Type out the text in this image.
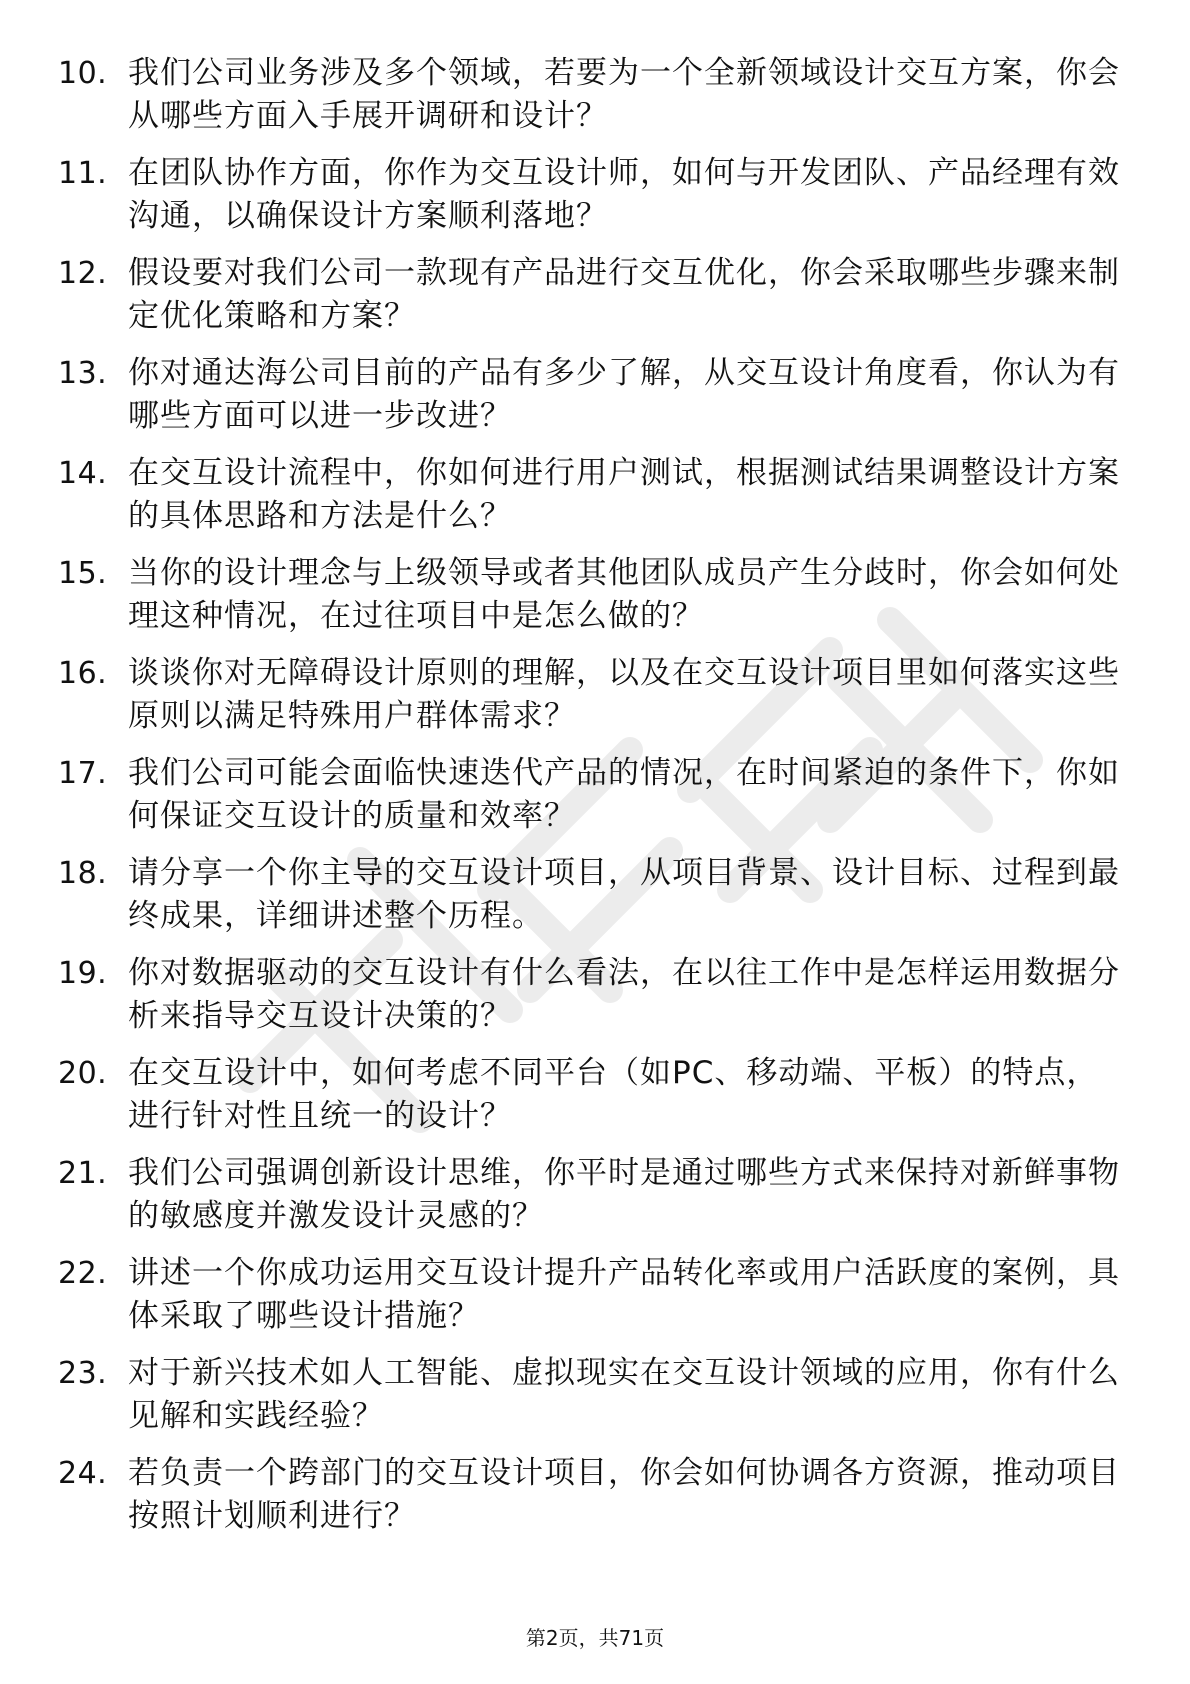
10. 我们公司业务涉及多个领域，若要为一个全新领域设计交互方案，你会从哪些方面入手展开调研和设计？
11. 在团队协作方面，你作为交互设计师，如何与开发团队、产品经理有效沟通，以确保设计方案顺利落地？
12. 假设要对我们公司一款现有产品进行交互优化，你会采取哪些步骤来制定优化策略和方案？
13. 你对通达海公司目前的产品有多少了解，从交互设计角度看，你认为有哪些方面可以进一步改进？
14. 在交互设计流程中，你如何进行用户测试，根据测试结果调整设计方案的具体思路和方法是什么？
15. 当你的设计理念与上级领导或者其他团队成员产生分歧时，你会如何处理这种情况，在过往项目中是怎么做的？
16. 谈谈你对无障碍设计原则的理解，以及在交互设计项目里如何落实这些原则以满足特殊用户群体需求？
17. 我们公司可能会面临快速迭代产品的情况，在时间紧迫的条件下，你如何保证交互设计的质量和效率？
18. 请分享一个你主导的交互设计项目，从项目背景、设计目标、过程到最终成果，详细讲述整个历程。
19. 你对数据驱动的交互设计有什么看法，在以往工作中是怎样运用数据分析来指导交互设计决策的？
20. 在交互设计中，如何考虑不同平台（如PC、移动端、平板）的特点，进行针对性且统一的设计？
21. 我们公司强调创新设计思维，你平时是通过哪些方式来保持对新鲜事物的敏感度并激发设计灵感的？
22. 讲述一个你成功运用交互设计提升产品转化率或用户活跃度的案例，具体采取了哪些设计措施？
23. 对于新兴技术如人工智能、虚拟现实在交互设计领域的应用，你有什么见解和实践经验？
24. 若负责一个跨部门的交互设计项目，你会如何协调各方资源，推动项目按照计划顺利进行？
第2页，共71页
